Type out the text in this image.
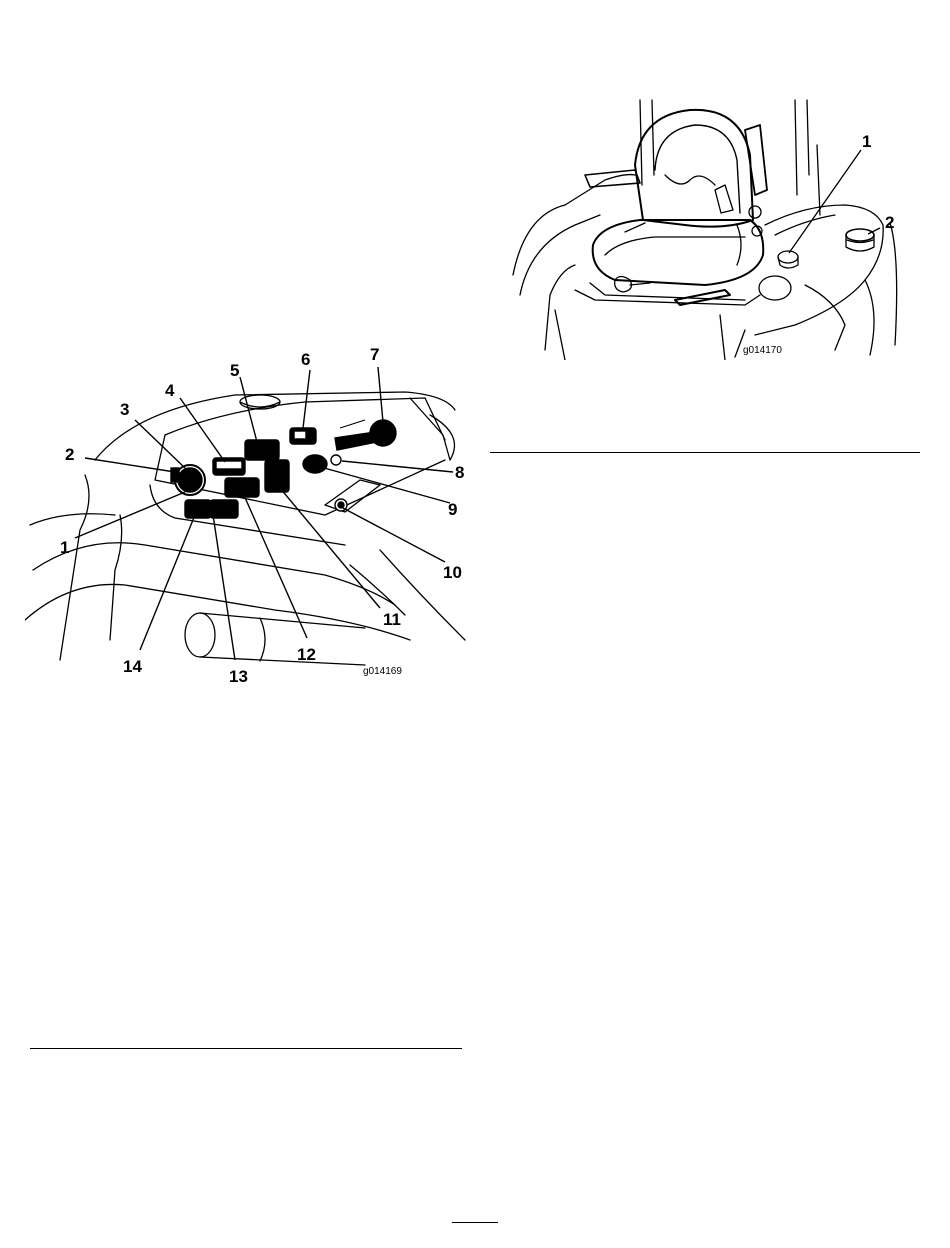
1
2
g014170
1
2
3
4
5
6	7
8
9
10
11
12
13
14	g014169
